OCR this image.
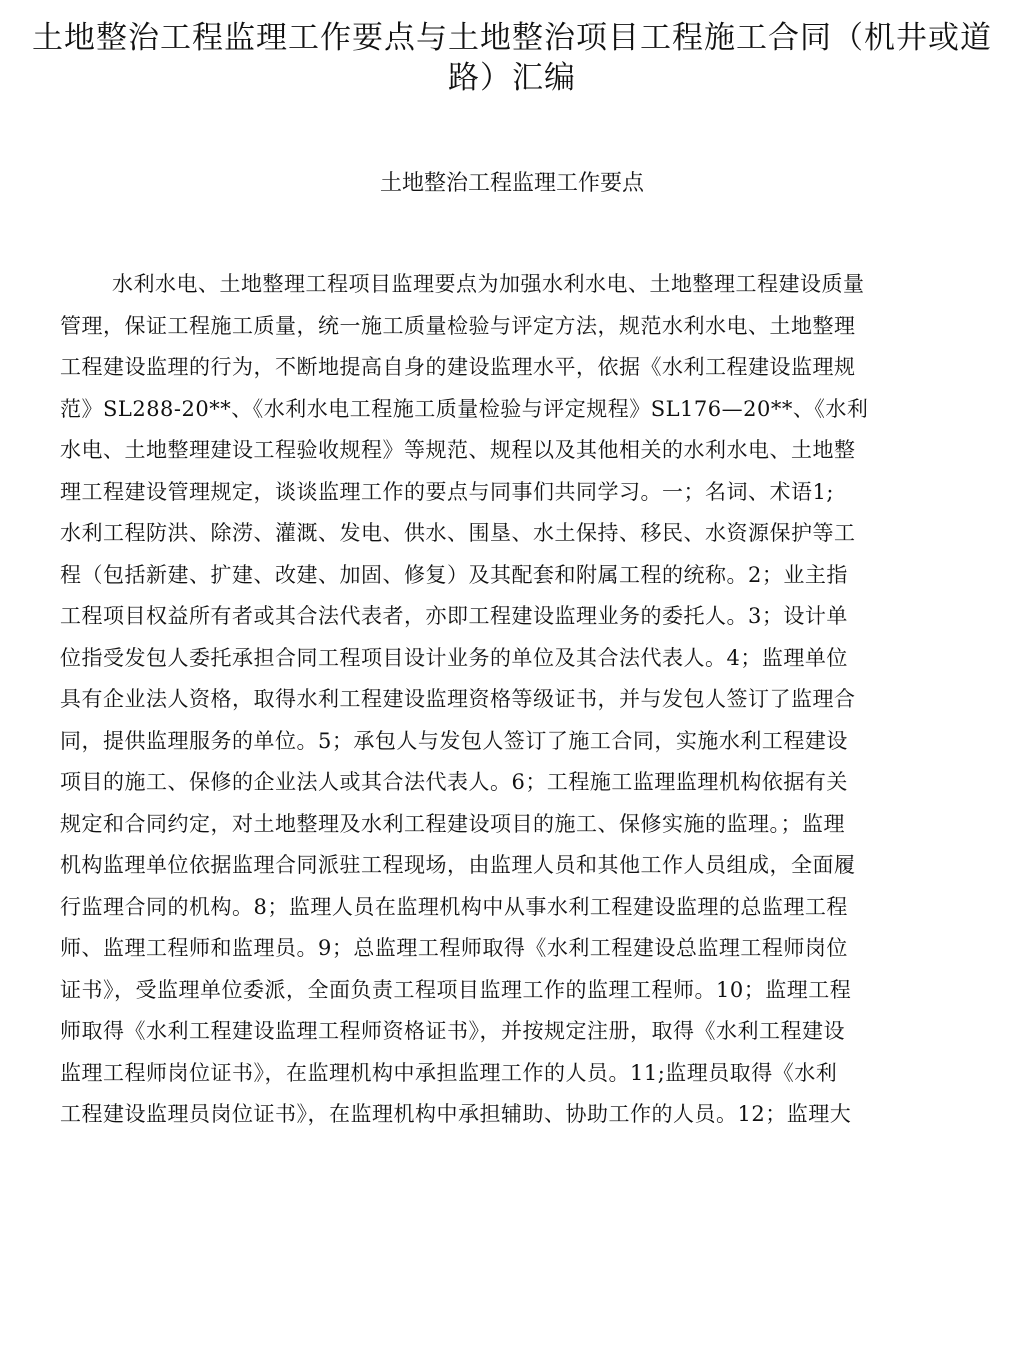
土地整治工程监理工作要点与土地整治项目工程施工合同（机井或道路）汇编
土地整治工程监理工作要点
水利水电、土地整理工程项目监理要点为加强水利水电、土地整理工程建设质量
管理，保证工程施工质量，统一施工质量检验与评定方法，规范水利水电、土地整理
工程建设监理的行为，不断地提高自身的建设监理水平，依据《水利工程建设监理规
范》SL288-20**、《水利水电工程施工质量检验与评定规程》SL176—20**、《水利
水电、土地整理建设工程验收规程》等规范、规程以及其他相关的水利水电、土地整
理工程建设管理规定，谈谈监理工作的要点与同事们共同学习。一；名词、术语1;
水利工程防洪、除涝、灌溉、发电、供水、围垦、水土保持、移民、水资源保护等工
程（包括新建、扩建、改建、加固、修复）及其配套和附属工程的统称。2；业主指
工程项目权益所有者或其合法代表者，亦即工程建设监理业务的委托人。3；设计单
位指受发包人委托承担合同工程项目设计业务的单位及其合法代表人。4；监理单位
具有企业法人资格，取得水利工程建设监理资格等级证书，并与发包人签订了监理合
同，提供监理服务的单位。5；承包人与发包人签订了施工合同，实施水利工程建设
项目的施工、保修的企业法人或其合法代表人。6；工程施工监理监理机构依据有关
规定和合同约定，对土地整理及水利工程建设项目的施工、保修实施的监理。；监理
机构监理单位依据监理合同派驻工程现场，由监理人员和其他工作人员组成，全面履
行监理合同的机构。8；监理人员在监理机构中从事水利工程建设监理的总监理工程
师、监理工程师和监理员。9；总监理工程师取得《水利工程建设总监理工程师岗位
证书》，受监理单位委派，全面负责工程项目监理工作的监理工程师。10；监理工程
师取得《水利工程建设监理工程师资格证书》，并按规定注册，取得《水利工程建设
监理工程师岗位证书》，在监理机构中承担监理工作的人员。11;监理员取得《水利
工程建设监理员岗位证书》，在监理机构中承担辅助、协助工作的人员。12；监理大
